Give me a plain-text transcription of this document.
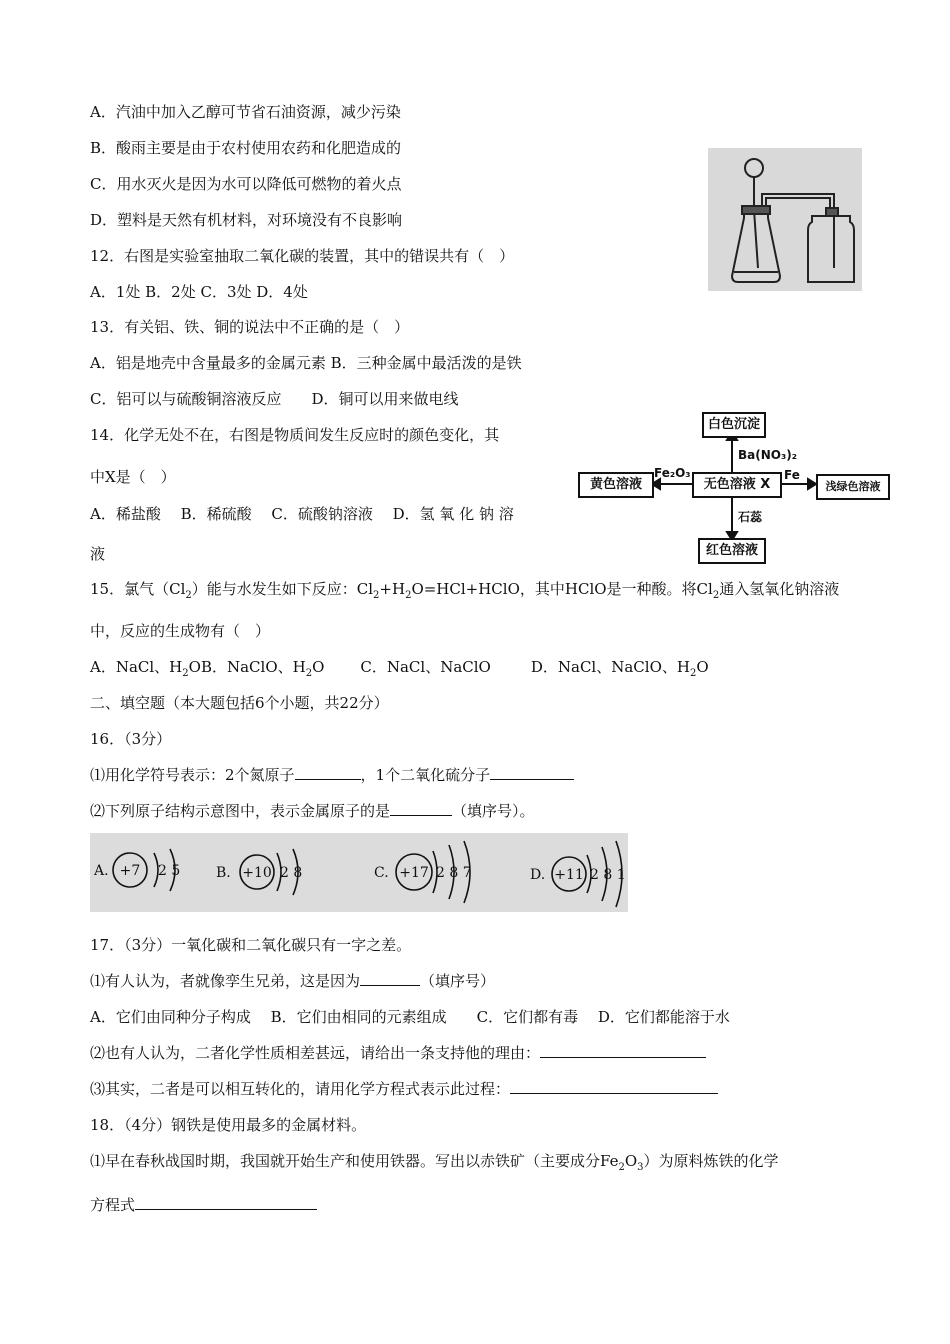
A．汽油中加入乙醇可节省石油资源，减少污染
B．酸雨主要是由于农村使用农药和化肥造成的
C．用水灭火是因为水可以降低可燃物的着火点
D．塑料是天然有机材料，对环境没有不良影响
12．右图是实验室抽取二氧化碳的装置，其中的错误共有（　）
A．1处 B．2处 C．3处 D．4处
13．有关铝、铁、铜的说法中不正确的是（　）
A．铝是地壳中含量最多的金属元素 B．三种金属中最活泼的是铁
C．铝可以与硫酸铜溶液反应　　D．铜可以用来做电线
14．化学无处不在，右图是物质间发生反应时的颜色变化，其
中X是（　）
A．稀盐酸　 B．稀硫酸　 C．硫酸钠溶液　 D．氢 氧 化 钠 溶
液
白色沉淀
无色溶液 X
黄色溶液	浅绿色溶液
红色溶液
Ba(NO₃)₂
Fe₂O₃	Fe
石蕊
15．氯气$(Cl_2)$能与水发生如下反应：$Cl_2+H_2O=HCl+HClO$，其中HClO是一种酸。将$Cl_2$通入氢氧化钠溶液
中，反应的生成物有（　）
A．NaCl、$H_2OB$．NaClO、$H_2O$ C．NaCl、NaClO	D．NaCl、NaClO、$H_2O$
二、填空题（本大题包括6个小题，共22分）
16．（3分）
⑴用化学符号表示：2个氮原子	，1个二氧化硫分子
⑵下列原子结构示意图中，表示金属原子的是	（填序号）。
A. +7 2 5	B. +10 2 8	C. +17 2 8 7	D. +11 2 8 1
17．（3分）一氧化碳和二氧化碳只有一字之差。
⑴有人认为，者就像孪生兄弟，这是因为	（填序号）
A．它们由同种分子构成　 B．它们由相同的元素组成　　C．它们都有毒　 D．它们都能溶于水
⑵也有人认为，二者化学性质相差甚远，请给出一条支持他的理由：
⑶其实，二者是可以相互转化的，请用化学方程式表示此过程：
18．（4分）钢铁是使用最多的金属材料。
⑴早在春秋战国时期，我国就开始生产和使用铁器。写出以赤铁矿（主要成分$Fe_2O_3$）为原料炼铁的化学
方程式
